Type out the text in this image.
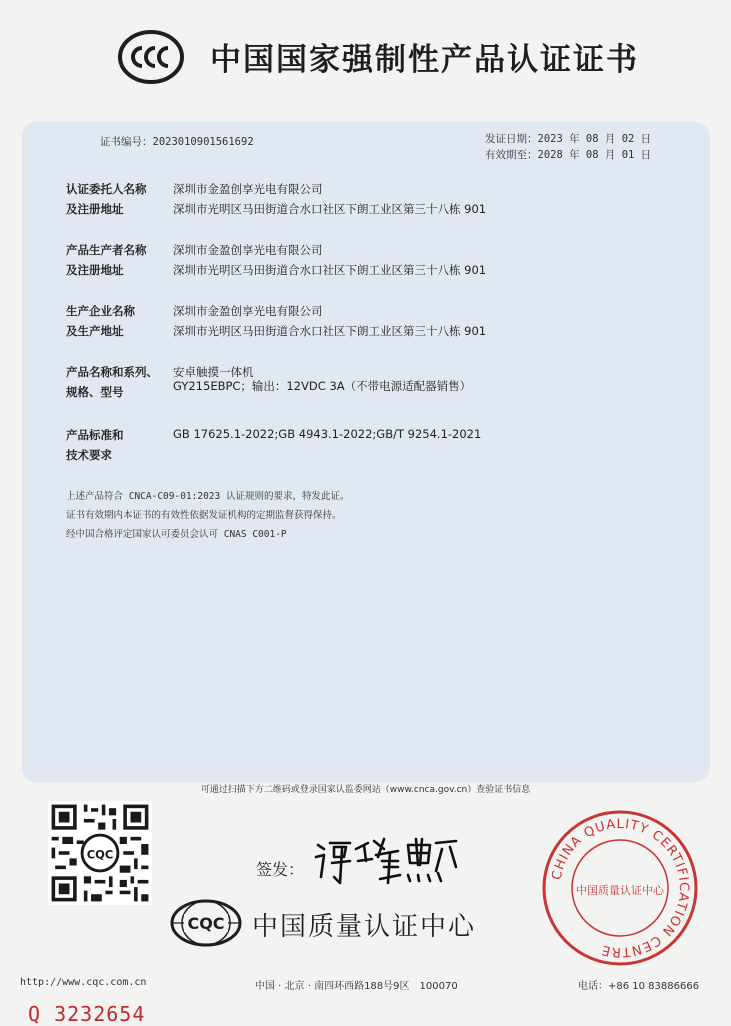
中国国家强制性产品认证证书
证书编号：2023010901561692	发证日期：2023 年 08 月 02 日
有效期至：2028 年 08 月 01 日
认证委托人名称 深圳市金盈创享光电有限公司
及注册地址	深圳市光明区马田街道合水口社区下朗工业区第三十八栋 901
产品生产者名称 深圳市金盈创享光电有限公司
及注册地址	深圳市光明区马田街道合水口社区下朗工业区第三十八栋 901
生产企业名称	深圳市金盈创享光电有限公司
及生产地址	深圳市光明区马田街道合水口社区下朗工业区第三十八栋 901
产品名称和系列、 安卓触摸一体机
规格、型号	GY215EBPC；输出：12VDC 3A（不带电源适配器销售）
产品标准和	GB 17625.1-2022;GB 4943.1-2022;GB/T 9254.1-2021
技术要求
上述产品符合 CNCA-C09-01:2023 认证规则的要求，特发此证。
证书有效期内本证书的有效性依据发证机构的定期监督获得保持。
经中国合格评定国家认可委员会认可 CNAS C001-P
可通过扫描下方二维码或登录国家认监委网站（www.cnca.gov.cn）查验证书信息
CQC
签发：
CQC 中国质量认证中心
CHINA QUALITY CERTIFICATION CENTRE
中国质量认证中心
http://www.cqc.com.cn	中国 · 北京 · 南四环西路188号9区　100070	电话：+86 10 83886666
Q 3232654
